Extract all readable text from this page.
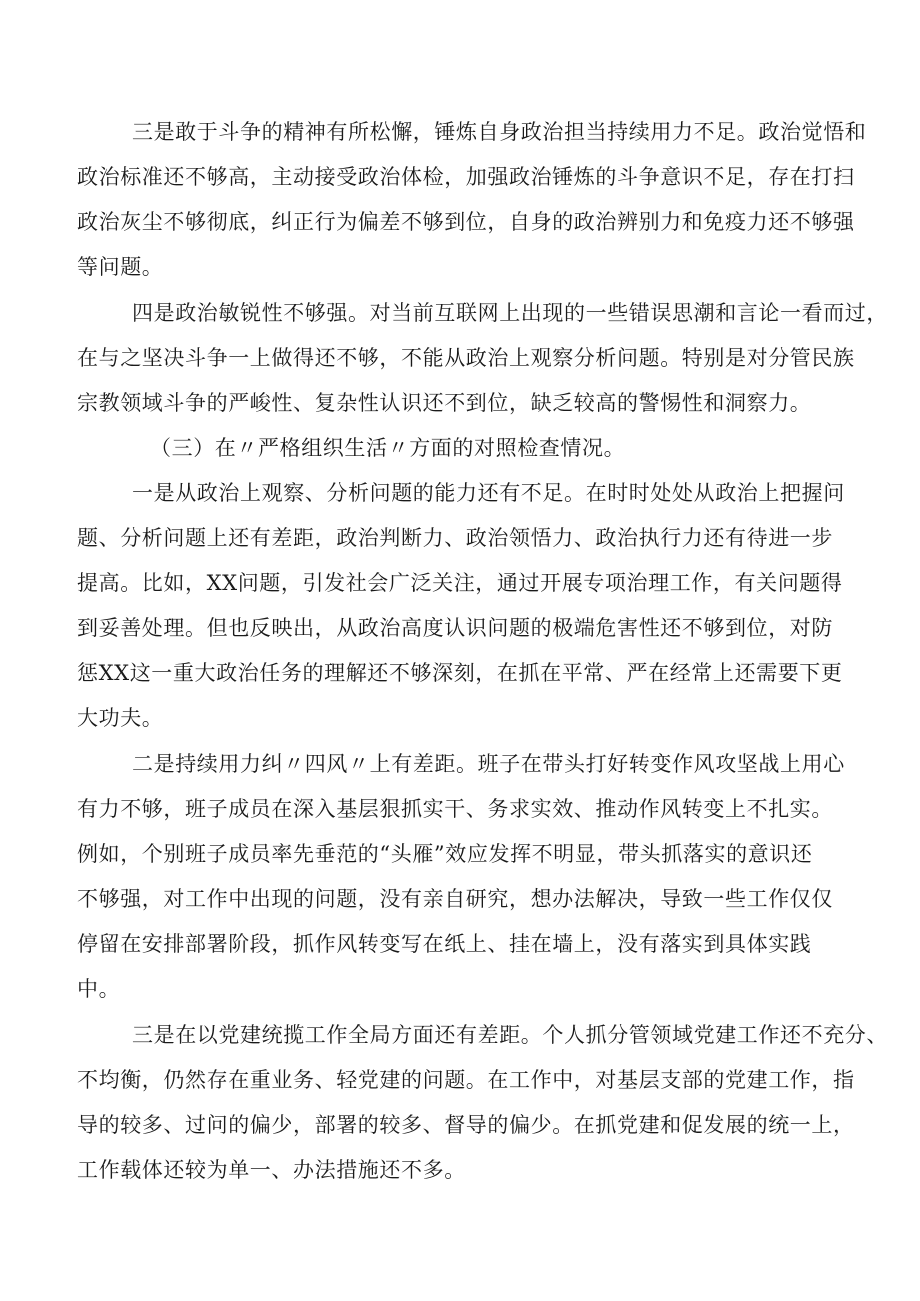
三是敢于斗争的精神有所松懈，锤炼自身政治担当持续用力不足。政治觉悟和
政治标准还不够高，主动接受政治体检，加强政治锤炼的斗争意识不足，存在打扫
政治灰尘不够彻底，纠正行为偏差不够到位，自身的政治辨别力和免疫力还不够强
等问题。
四是政治敏锐性不够强。对当前互联网上出现的一些错误思潮和言论一看而过，
在与之坚决斗争一上做得还不够，不能从政治上观察分析问题。特别是对分管民族
宗教领域斗争的严峻性、复杂性认识还不到位，缺乏较高的警惕性和洞察力。
（三）在〃严格组织生活〃方面的对照检查情况。
一是从政治上观察、分析问题的能力还有不足。在时时处处从政治上把握问
题、分析问题上还有差距，政治判断力、政治领悟力、政治执行力还有待进一步
提高。比如，XX问题，引发社会广泛关注，通过开展专项治理工作，有关问题得
到妥善处理。但也反映出，从政治高度认识问题的极端危害性还不够到位，对防
惩XX这一重大政治任务的理解还不够深刻，在抓在平常、严在经常上还需要下更
大功夫。
二是持续用力纠〃四风〃上有差距。班子在带头打好转变作风攻坚战上用心
有力不够，班子成员在深入基层狠抓实干、务求实效、推动作风转变上不扎实。
例如，个别班子成员率先垂范的“头雁”效应发挥不明显，带头抓落实的意识还
不够强，对工作中出现的问题，没有亲自研究，想办法解决，导致一些工作仅仅
停留在安排部署阶段，抓作风转变写在纸上、挂在墙上，没有落实到具体实践
中。
三是在以党建统揽工作全局方面还有差距。个人抓分管领域党建工作还不充分、
不均衡，仍然存在重业务、轻党建的问题。在工作中，对基层支部的党建工作，指
导的较多、过问的偏少，部署的较多、督导的偏少。在抓党建和促发展的统一上，
工作载体还较为单一、办法措施还不多。
